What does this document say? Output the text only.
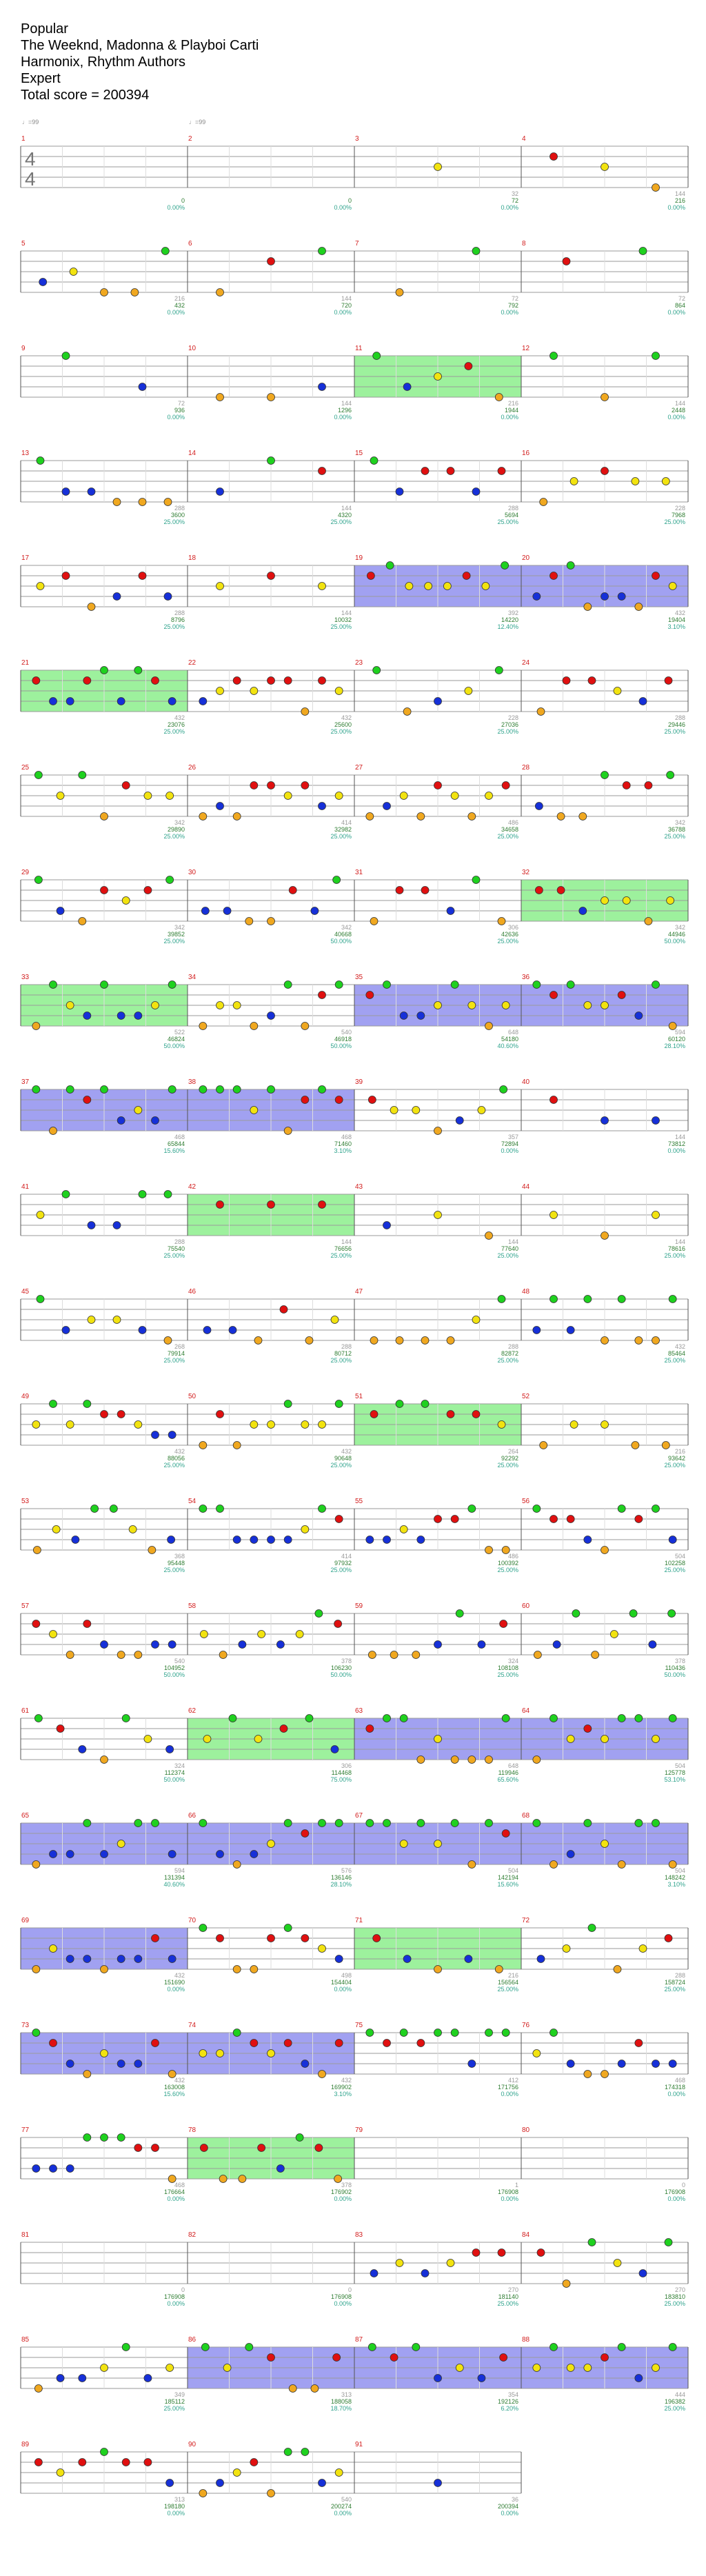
Popular
The Weeknd, Madonna & Playboi Carti
Harmonix, Rhythm Authors
Expert
Total score = 200394
♩=99	♩=99
4
4
1
0
0.00%
2
0
0.00%
3
32
72
0.00%
4
144
216
0.00%
5
216
432
0.00%
6
144
720
0.00%
7
72
792
0.00%
8
72
864
0.00%
9
72
936
0.00%
10
144
1296
0.00%
11
216
1944
0.00%
12
144
2448
0.00%
13
288
3600
25.00%
14
144
4320
25.00%
15
288
5694
25.00%
16
228
7968
25.00%
17
288
8796
25.00%
18
144
10032
25.00%
19
392
14220
12.40%
20
432
19404
3.10%
21
432
23076
25.00%
22
432
25600
25.00%
23
228
27036
25.00%
24
288
29446
25.00%
25
342
29890
25.00%
26
414
32982
25.00%
27
486
34658
25.00%
28
342
36788
25.00%
29
342
39852
25.00%
30
342
40668
50.00%
31
306
42636
25.00%
32
342
44946
50.00%
33
522
46824
50.00%
34
540
46918
50.00%
35
648
54180
40.60%
36
594
60120
28.10%
37
468
65844
15.60%
38
468
71460
3.10%
39
357
72894
0.00%
40
144
73812
0.00%
41
288
75540
25.00%
42
144
76656
25.00%
43
144
77640
25.00%
44
144
78616
25.00%
45
268
79914
25.00%
46
288
80712
25.00%
47
288
82872
25.00%
48
432
85464
25.00%
49
432
88056
25.00%
50
432
90648
25.00%
51
264
92292
25.00%
52
216
93642
25.00%
53
368
95448
25.00%
54
414
97932
25.00%
55
486
100392
25.00%
56
504
102258
25.00%
57
540
104952
50.00%
58
378
106230
50.00%
59
324
108108
25.00%
60
378
110436
50.00%
61
324
112374
50.00%
62
306
114468
75.00%
63
648
119946
65.60%
64
504
125778
53.10%
65
594
131394
40.60%
66
576
136146
28.10%
67
504
142194
15.60%
68
504
148242
3.10%
69
432
151690
0.00%
70
498
154404
0.00%
71
216
156564
25.00%
72
288
158724
25.00%
73
432
163008
15.60%
74
432
169902
3.10%
75
412
171756
0.00%
76
468
174318
0.00%
77
468
176664
0.00%
78
378
176902
0.00%
79
1
176908
0.00%
80
0
176908
0.00%
81
0
176908
0.00%
82
0
176908
0.00%
83
270
181140
25.00%
84
270
183810
25.00%
85
349
185112
25.00%
86
313
188058
18.70%
87
354
192126
6.20%
88
444
196382
25.00%
89
313
198180
0.00%
90
540
200274
0.00%
91
36
200394
0.00%
